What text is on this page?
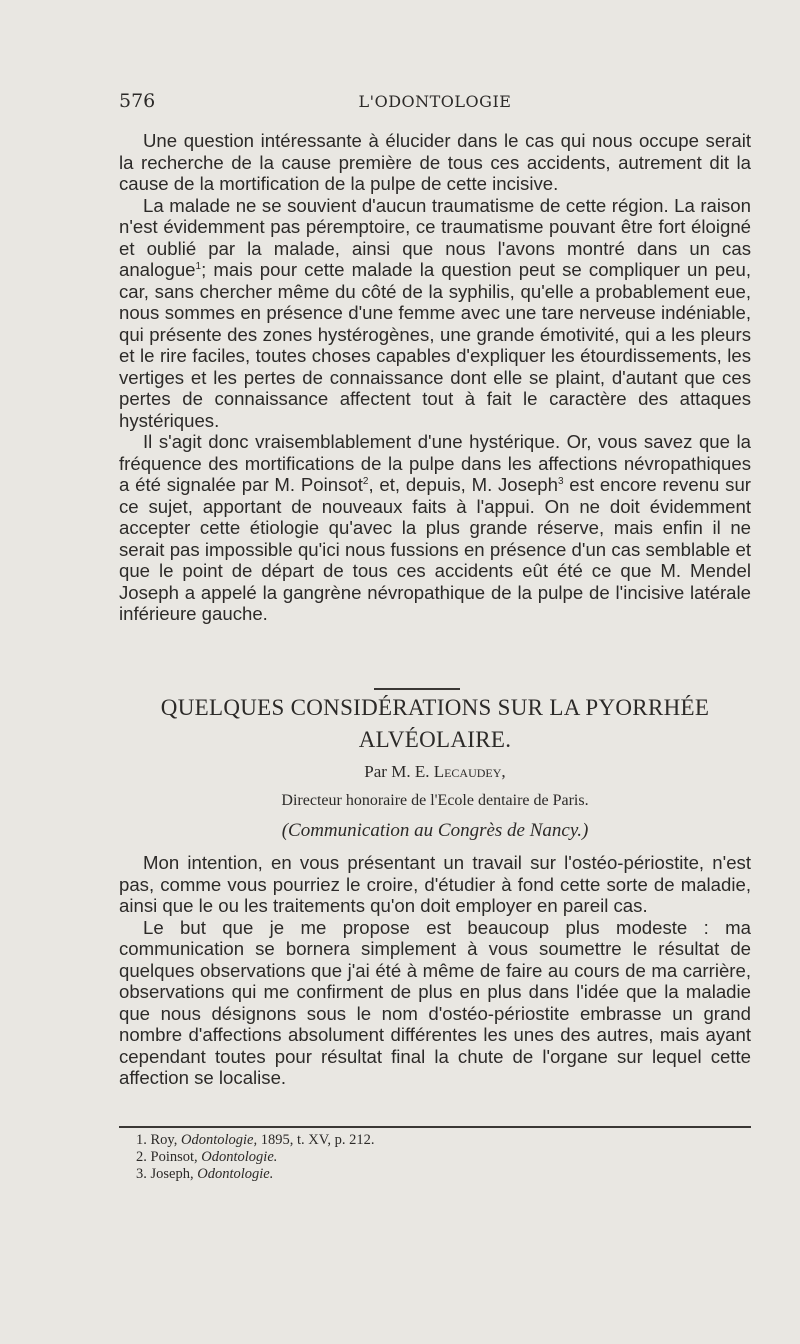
576	L'ODONTOLOGIE

Une question intéressante à élucider dans le cas qui nous occupe serait la recherche de la cause première de tous ces accidents, autrement dit la cause de la mortification de la pulpe de cette incisive.

La malade ne se souvient d'aucun traumatisme de cette région. La raison n'est évidemment pas péremptoire, ce traumatisme pouvant être fort éloigné et oublié par la malade, ainsi que nous l'avons montré dans un cas analogue$^1$; mais pour cette malade la question peut se compliquer un peu, car, sans chercher même du côté de la syphilis, qu'elle a probablement eue, nous sommes en présence d'une femme avec une tare nerveuse indéniable, qui présente des zones hystérogènes, une grande émotivité, qui a les pleurs et le rire faciles, toutes choses capables d'expliquer les étourdissements, les vertiges et les pertes de connaissance dont elle se plaint, d'autant que ces pertes de connaissance affectent tout à fait le caractère des attaques hystériques.

Il s'agit donc vraisemblablement d'une hystérique. Or, vous savez que la fréquence des mortifications de la pulpe dans les affections névropathiques a été signalée par M. Poinsot$^2$, et, depuis, M. Joseph$^3$ est encore revenu sur ce sujet, apportant de nouveaux faits à l'appui. On ne doit évidemment accepter cette étiologie qu'avec la plus grande réserve, mais enfin il ne serait pas impossible qu'ici nous fussions en présence d'un cas semblable et que le point de départ de tous ces accidents eût été ce que M. Mendel Joseph a appelé la gangrène névropathique de la pulpe de l'incisive latérale inférieure gauche.

QUELQUES CONSIDÉRATIONS SUR LA PYORRHÉE
ALVÉOLAIRE.
Par M. E. Lecaudey,
Directeur honoraire de l'Ecole dentaire de Paris.
(Communication au Congrès de Nancy.)

Mon intention, en vous présentant un travail sur l'ostéo-périostite, n'est pas, comme vous pourriez le croire, d'étudier à fond cette sorte de maladie, ainsi que le ou les traitements qu'on doit employer en pareil cas.

Le but que je me propose est beaucoup plus modeste : ma communication se bornera simplement à vous soumettre le résultat de quelques observations que j'ai été à même de faire au cours de ma carrière, observations qui me confirment de plus en plus dans l'idée que la maladie que nous désignons sous le nom d'ostéo-périostite embrasse un grand nombre d'affections absolument différentes les unes des autres, mais ayant cependant toutes pour résultat final la chute de l'organe sur lequel cette affection se localise.

1. Roy, Odontologie, 1895, t. XV, p. 212.
2. Poinsot, Odontologie.
3. Joseph, Odontologie.
